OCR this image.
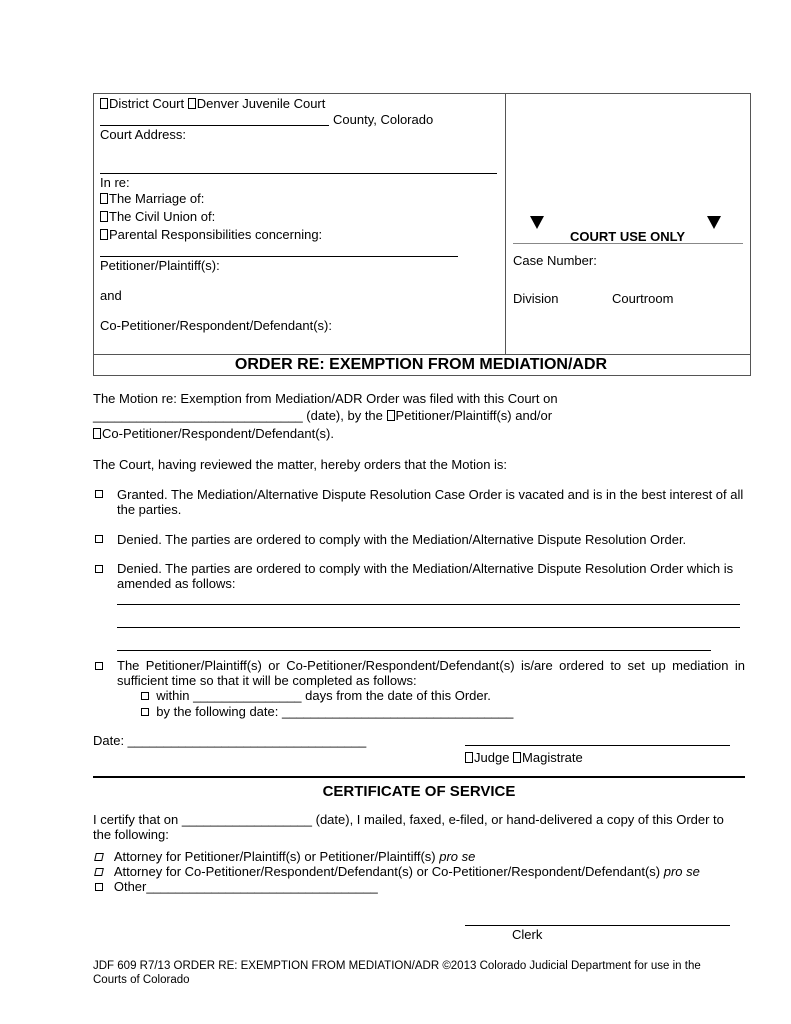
District Court Denver Juvenile Court
County, Colorado
Court Address:
In re:
The Marriage of:
The Civil Union of:
Parental Responsibilities concerning:
Petitioner/Plaintiff(s):
and
Co-Petitioner/Respondent/Defendant(s):
COURT USE ONLY
Case Number:
Division	Courtroom
ORDER RE: EXEMPTION FROM MEDIATION/ADR
The Motion re: Exemption from Mediation/ADR Order was filed with this Court on
_____________________________ (date), by the Petitioner/Plaintiff(s) and/or
Co-Petitioner/Respondent/Defendant(s).
The Court, having reviewed the matter, hereby orders that the Motion is:
Granted. The Mediation/Alternative Dispute Resolution Case Order is vacated and is in the best interest of all the parties.
Denied. The parties are ordered to comply with the Mediation/Alternative Dispute Resolution Order.
Denied. The parties are ordered to comply with the Mediation/Alternative Dispute Resolution Order which is amended as follows:
The Petitioner/Plaintiff(s) or Co-Petitioner/Respondent/Defendant(s) is/are ordered to set up mediation in sufficient time so that it will be completed as follows:
within _______________ days from the date of this Order.
by the following date: ________________________________
Date: _________________________________
Judge Magistrate
CERTIFICATE OF SERVICE
I certify that on __________________ (date), I mailed, faxed, e-filed, or hand-delivered a copy of this Order to the following:
Attorney for Petitioner/Plaintiff(s) or Petitioner/Plaintiff(s) pro se
Attorney for Co-Petitioner/Respondent/Defendant(s) or Co-Petitioner/Respondent/Defendant(s) pro se
Other________________________________
Clerk
JDF 609 R7/13 ORDER RE: EXEMPTION FROM MEDIATION/ADR ©2013 Colorado Judicial Department for use in the
Courts of Colorado
